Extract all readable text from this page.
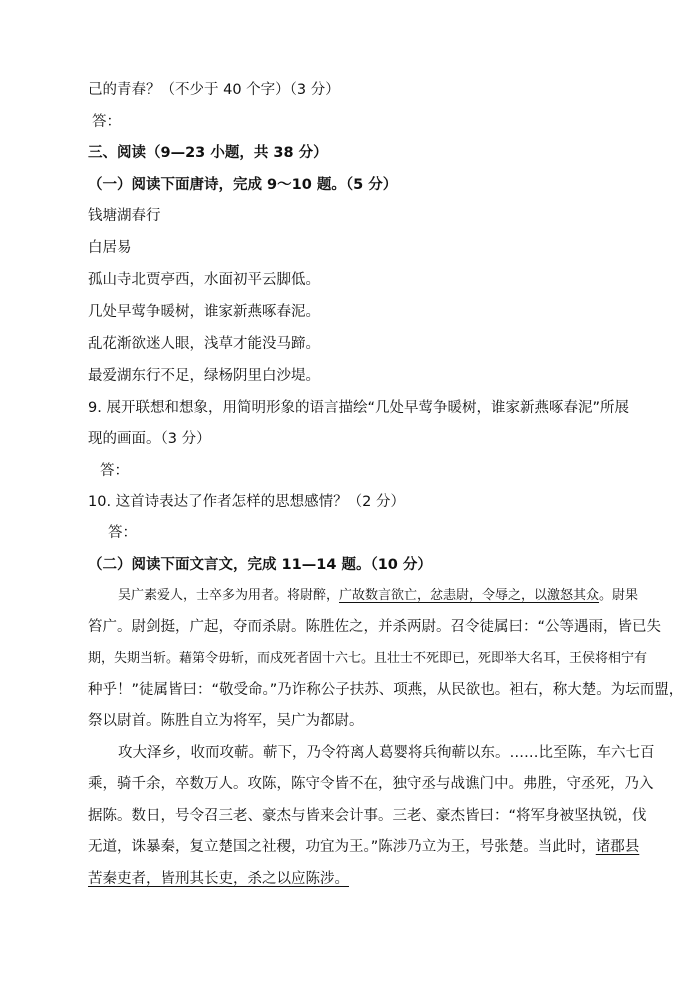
己的青春？（不少于 40 个字）（3 分）
答：
三、阅读（9—23 小题，共 38 分）
（一）阅读下面唐诗，完成 9～10 题。（5 分）
钱塘湖春行
白居易
孤山寺北贾亭西，水面初平云脚低。
几处早莺争暖树，谁家新燕啄春泥。
乱花渐欲迷人眼，浅草才能没马蹄。
最爱湖东行不足，绿杨阴里白沙堤。
9. 展开联想和想象，用简明形象的语言描绘“几处早莺争暖树，谁家新燕啄春泥”所展
现的画面。（3 分）
答：
10. 这首诗表达了作者怎样的思想感情？（2 分）
答：
（二）阅读下面文言文，完成 11—14 题。（10 分）
吴广素爱人，士卒多为用者。将尉醉，广故数言欲亡，忿恚尉，令辱之，以激怒其众。尉果
笞广。尉剑挺，广起，夺而杀尉。陈胜佐之，并杀两尉。召令徒属曰：“公等遇雨，皆已失
期，失期当斩。藉第令毋斩，而戍死者固十六七。且壮士不死即已，死即举大名耳，王侯将相宁有
种乎！”徒属皆曰：“敬受命。”乃诈称公子扶苏、项燕，从民欲也。袒右，称大楚。为坛而盟，
祭以尉首。陈胜自立为将军，吴广为都尉。
攻大泽乡，收而攻蕲。蕲下，乃令符离人葛婴将兵徇蕲以东。……比至陈，车六七百
乘，骑千余，卒数万人。攻陈，陈守令皆不在，独守丞与战谯门中。弗胜，守丞死，乃入
据陈。数日，号令召三老、豪杰与皆来会计事。三老、豪杰皆曰：“将军身被坚执锐，伐
无道，诛暴秦，复立楚国之社稷，功宜为王。”陈涉乃立为王，号张楚。当此时，诸郡县
苦秦吏者，皆刑其长吏，杀之以应陈涉。
